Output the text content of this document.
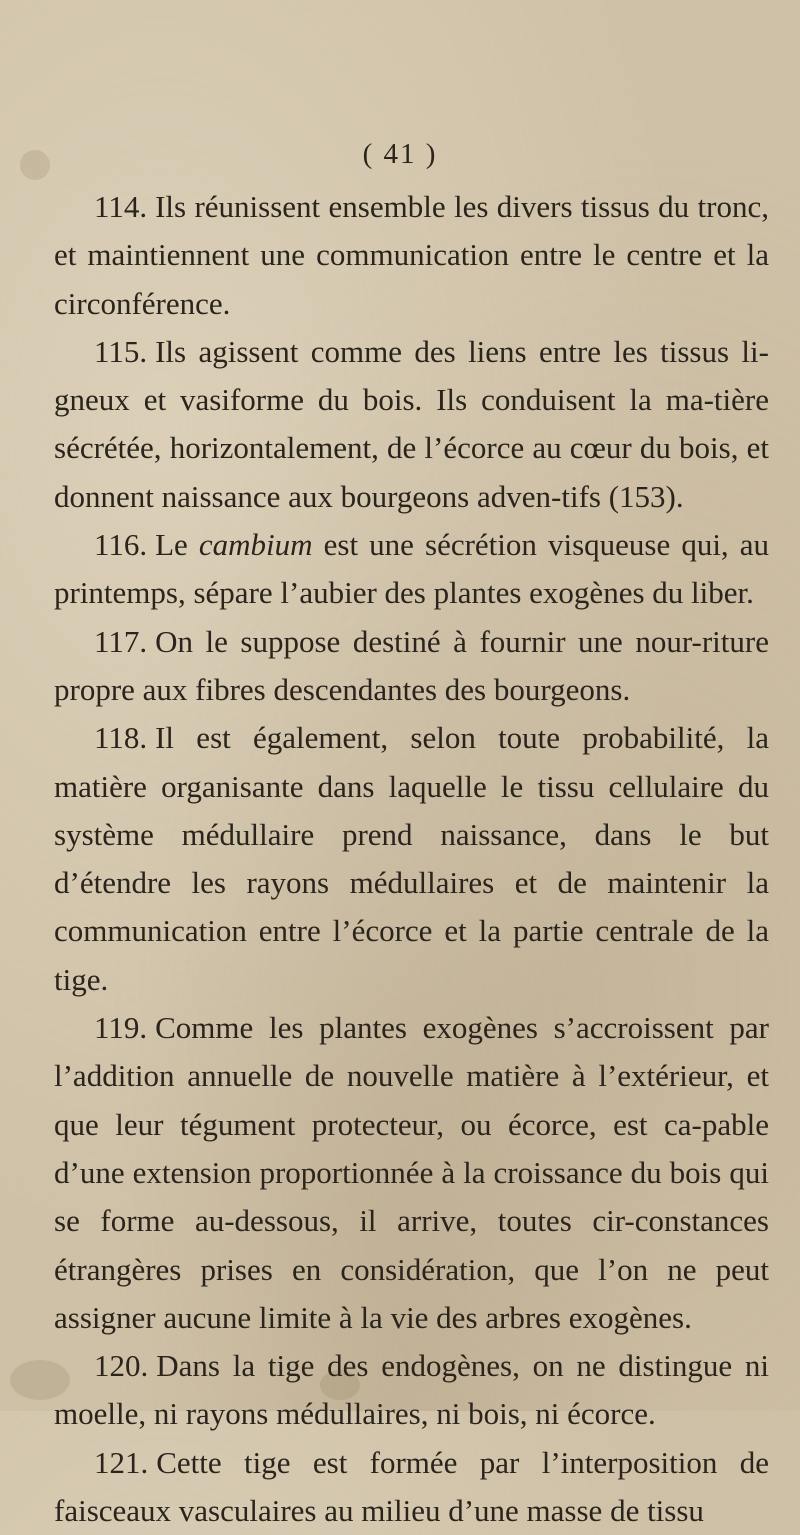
( 41 )

114. Ils réunissent ensemble les divers tissus du tronc, et maintiennent une communication entre le centre et la circonférence.

115. Ils agissent comme des liens entre les tissus li-gneux et vasiforme du bois. Ils conduisent la ma-tière sécrétée, horizontalement, de l’écorce au cœur du bois, et donnent naissance aux bourgeons adven-tifs (153).

116. Le cambium est une sécrétion visqueuse qui, au printemps, sépare l’aubier des plantes exogènes du liber.

117. On le suppose destiné à fournir une nour-riture propre aux fibres descendantes des bourgeons.

118. Il est également, selon toute probabilité, la matière organisante dans laquelle le tissu cellulaire du système médullaire prend naissance, dans le but d’étendre les rayons médullaires et de maintenir la communication entre l’écorce et la partie centrale de la tige.

119. Comme les plantes exogènes s’accroissent par l’addition annuelle de nouvelle matière à l’extérieur, et que leur tégument protecteur, ou écorce, est ca-pable d’une extension proportionnée à la croissance du bois qui se forme au-dessous, il arrive, toutes cir-constances étrangères prises en considération, que l’on ne peut assigner aucune limite à la vie des arbres exogènes.

120. Dans la tige des endogènes, on ne distingue ni moelle, ni rayons médullaires, ni bois, ni écorce.

121. Cette tige est formée par l’interposition de faisceaux vasculaires au milieu d’une masse de tissu
